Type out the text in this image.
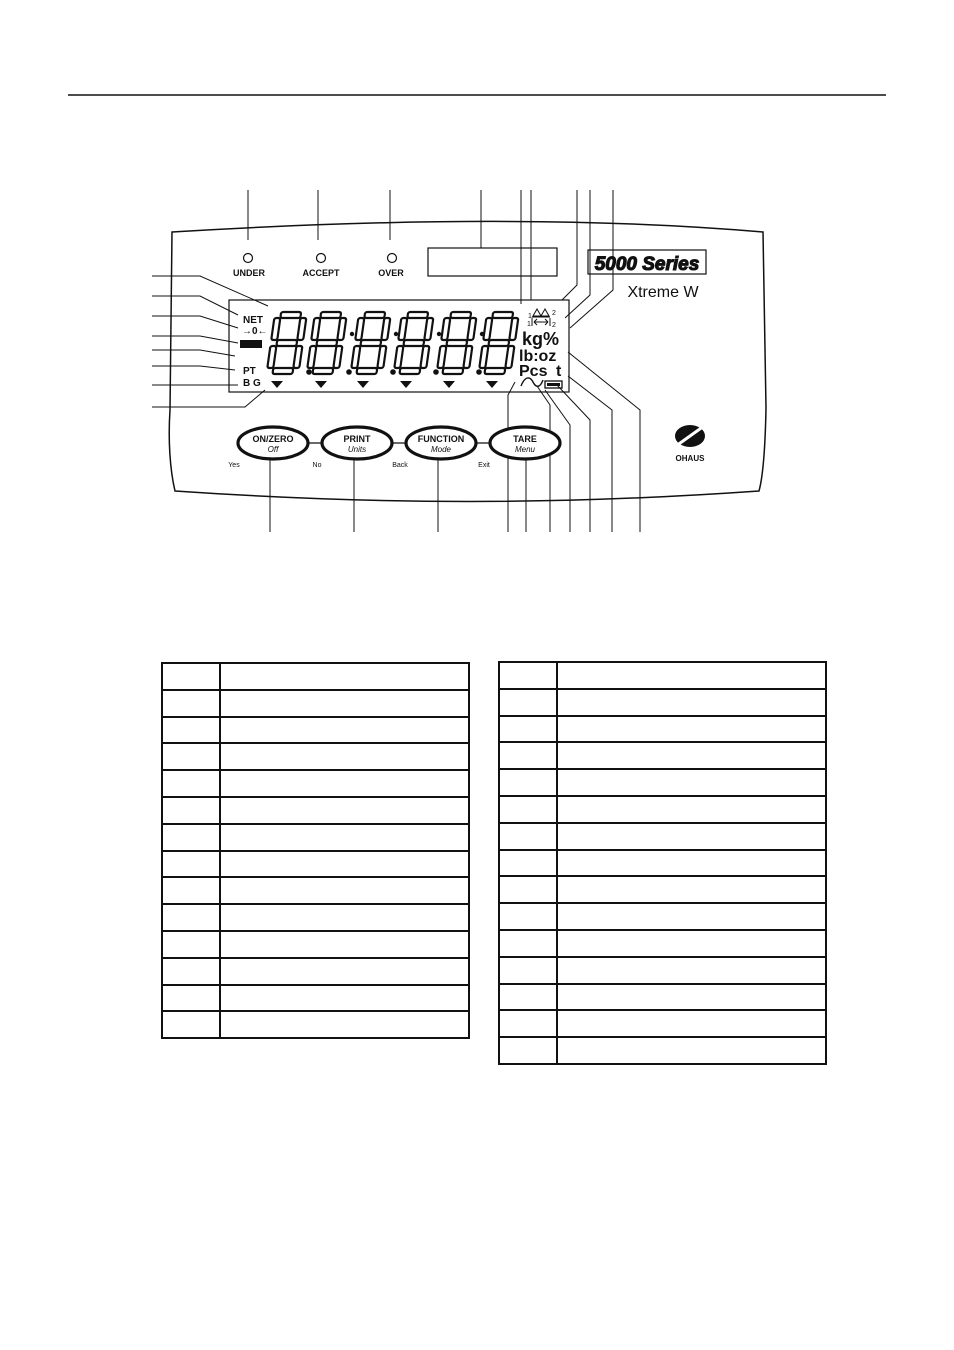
UNDER	ACCEPT	OVER	5000 Series
Xtreme W
NET
→0←
PT
B G
1	2
1	2
kg%
lb:oz
Pcs t
ON/ZERO
Off
PRINT
Units
FUNCTION
Mode
TARE
Menu
Yes	No	Back	Exit
OHAUS
